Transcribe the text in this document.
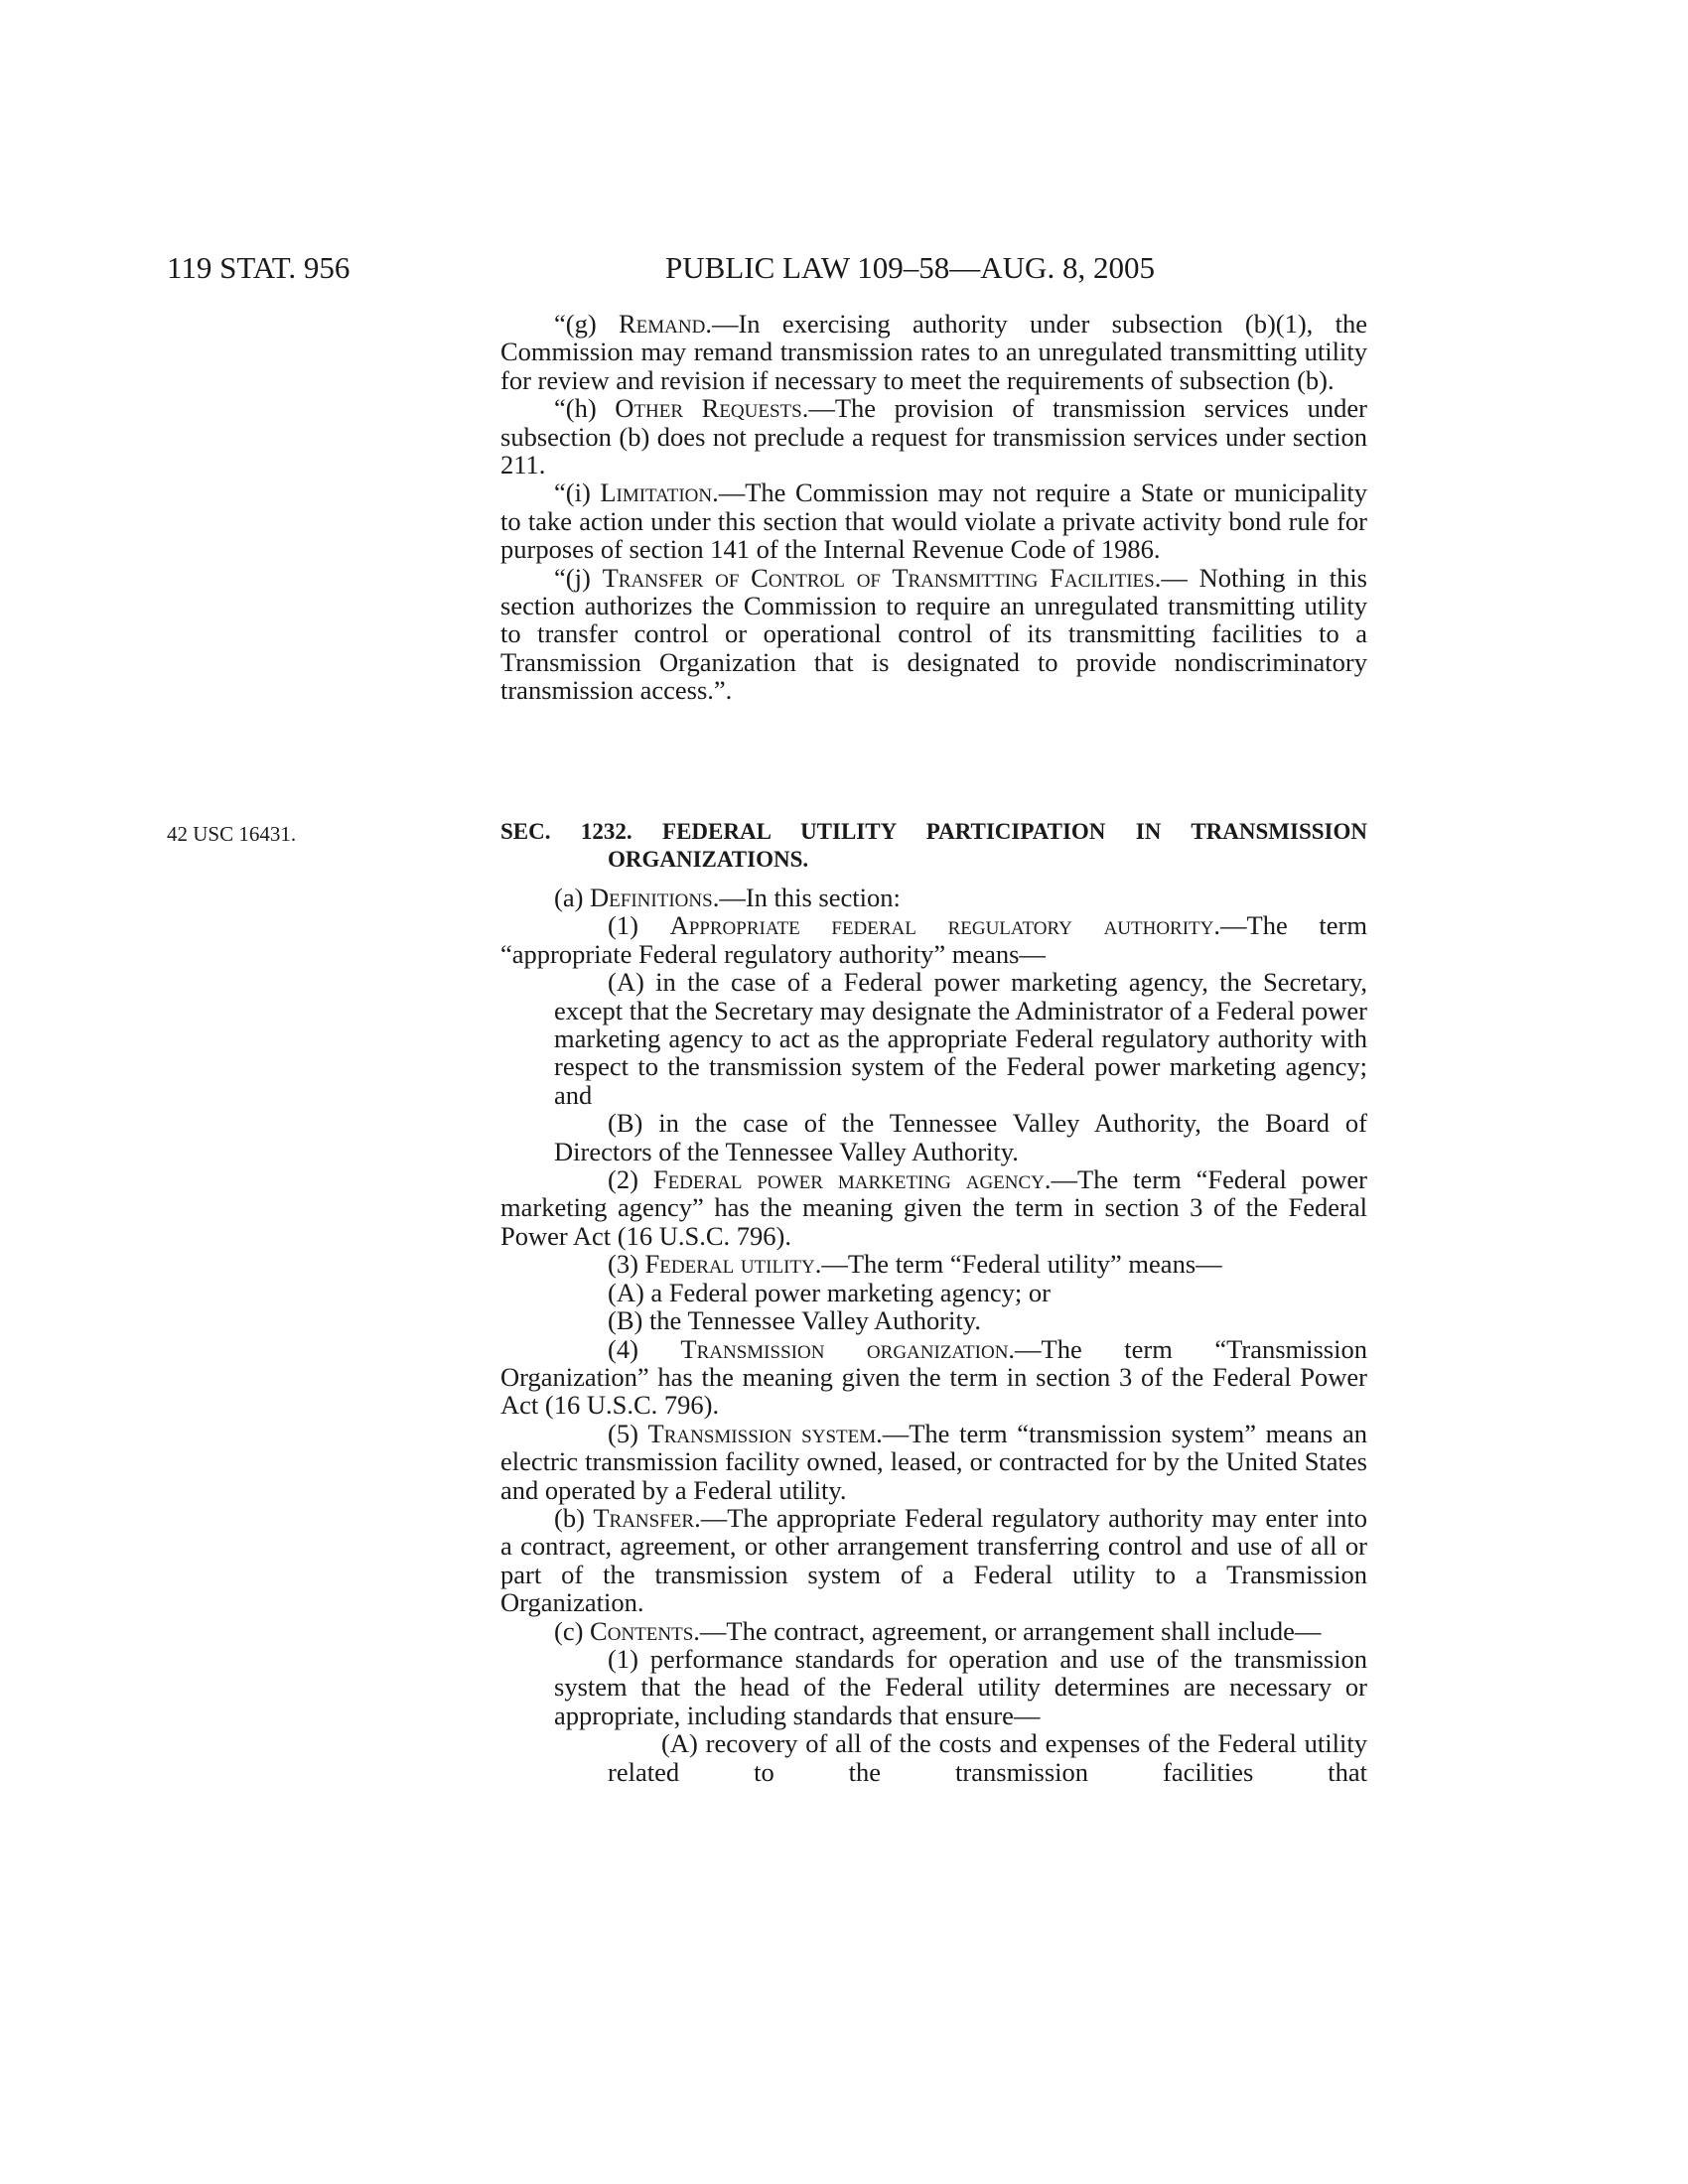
119 STAT. 956	PUBLIC LAW 109–58—AUG. 8, 2005

“(g) Remand.—In exercising authority under subsection (b)(1), the Commission may remand transmission rates to an unregulated transmitting utility for review and revision if necessary to meet the requirements of subsection (b).

“(h) Other Requests.—The provision of transmission services under subsection (b) does not preclude a request for transmission services under section 211.

“(i) Limitation.—The Commission may not require a State or municipality to take action under this section that would violate a private activity bond rule for purposes of section 141 of the Internal Revenue Code of 1986.

“(j) Transfer of Control of Transmitting Facilities.— Nothing in this section authorizes the Commission to require an unregulated transmitting utility to transfer control or operational control of its transmitting facilities to a Transmission Organization that is designated to provide nondiscriminatory transmission access.”.

42 USC 16431.	SEC. 1232. FEDERAL UTILITY PARTICIPATION IN TRANSMISSION
ORGANIZATIONS.

(a) Definitions.—In this section:

(1) Appropriate federal regulatory authority.—The term “appropriate Federal regulatory authority” means—

(A) in the case of a Federal power marketing agency, the Secretary, except that the Secretary may designate the Administrator of a Federal power marketing agency to act as the appropriate Federal regulatory authority with respect to the transmission system of the Federal power marketing agency; and

(B) in the case of the Tennessee Valley Authority, the Board of Directors of the Tennessee Valley Authority.

(2) Federal power marketing agency.—The term “Federal power marketing agency” has the meaning given the term in section 3 of the Federal Power Act (16 U.S.C. 796).

(3) Federal utility.—The term “Federal utility” means—

(A) a Federal power marketing agency; or

(B) the Tennessee Valley Authority.

(4) Transmission organization.—The term “Transmission Organization” has the meaning given the term in section 3 of the Federal Power Act (16 U.S.C. 796).

(5) Transmission system.—The term “transmission system” means an electric transmission facility owned, leased, or contracted for by the United States and operated by a Federal utility.

(b) Transfer.—The appropriate Federal regulatory authority may enter into a contract, agreement, or other arrangement transferring control and use of all or part of the transmission system of a Federal utility to a Transmission Organization.

(c) Contents.—The contract, agreement, or arrangement shall include—

(1) performance standards for operation and use of the transmission system that the head of the Federal utility determines are necessary or appropriate, including standards that ensure—

(A) recovery of all of the costs and expenses of the Federal utility related to the transmission facilities that
